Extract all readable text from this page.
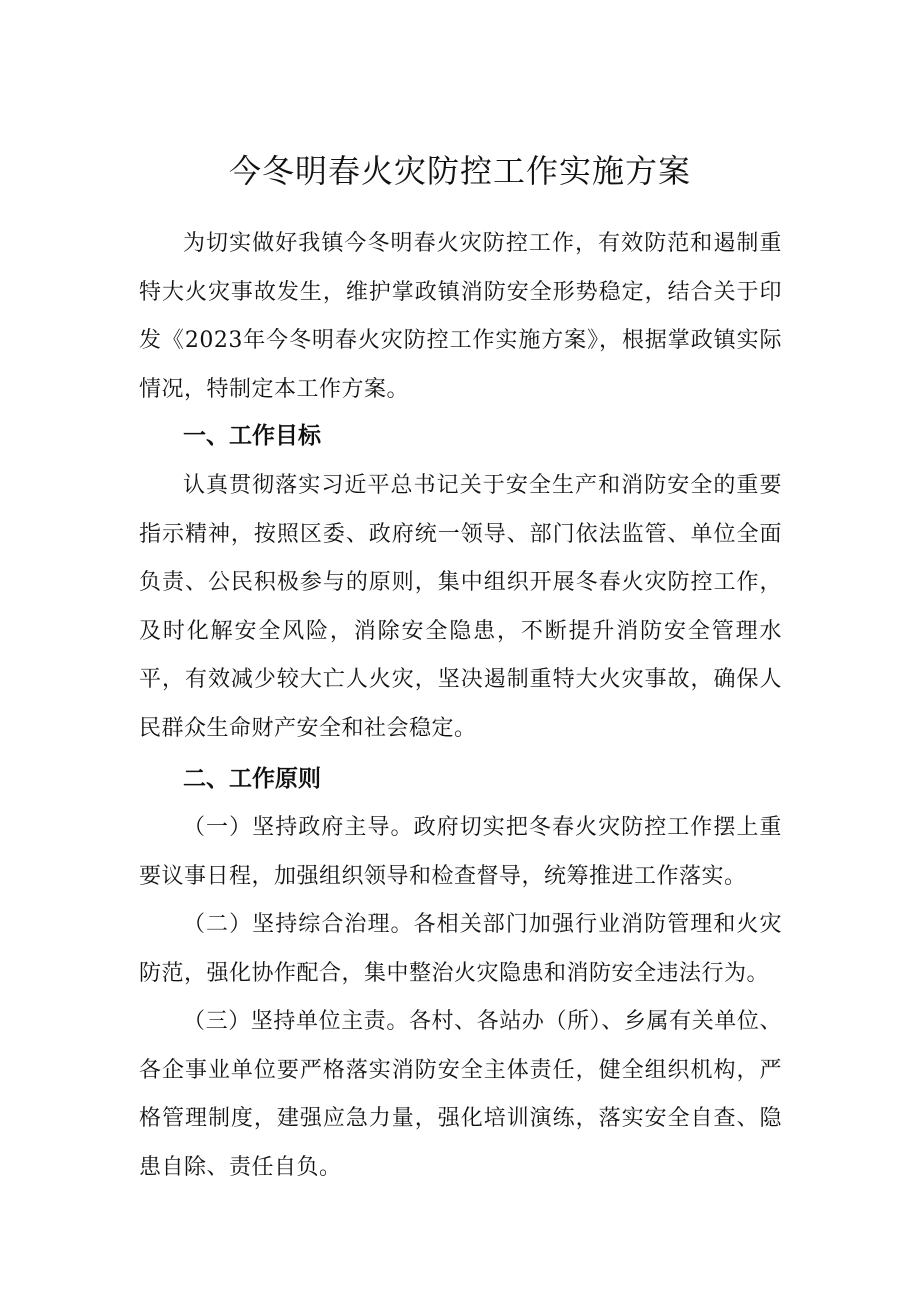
今冬明春火灾防控工作实施方案
为切实做好我镇今冬明春火灾防控工作，有效防范和遏制重特大火灾事故发生，维护掌政镇消防安全形势稳定，结合关于印发《2023年今冬明春火灾防控工作实施方案》，根据掌政镇实际情况，特制定本工作方案。
一、工作目标
认真贯彻落实习近平总书记关于安全生产和消防安全的重要指示精神，按照区委、政府统一领导、部门依法监管、单位全面负责、公民积极参与的原则，集中组织开展冬春火灾防控工作，及时化解安全风险，消除安全隐患，不断提升消防安全管理水平，有效减少较大亡人火灾，坚决遏制重特大火灾事故，确保人民群众生命财产安全和社会稳定。
二、工作原则
（一）坚持政府主导。政府切实把冬春火灾防控工作摆上重要议事日程，加强组织领导和检查督导，统筹推进工作落实。
（二）坚持综合治理。各相关部门加强行业消防管理和火灾防范，强化协作配合，集中整治火灾隐患和消防安全违法行为。
（三）坚持单位主责。各村、各站办（所）、乡属有关单位、各企事业单位要严格落实消防安全主体责任，健全组织机构，严格管理制度，建强应急力量，强化培训演练，落实安全自查、隐患自除、责任自负。
